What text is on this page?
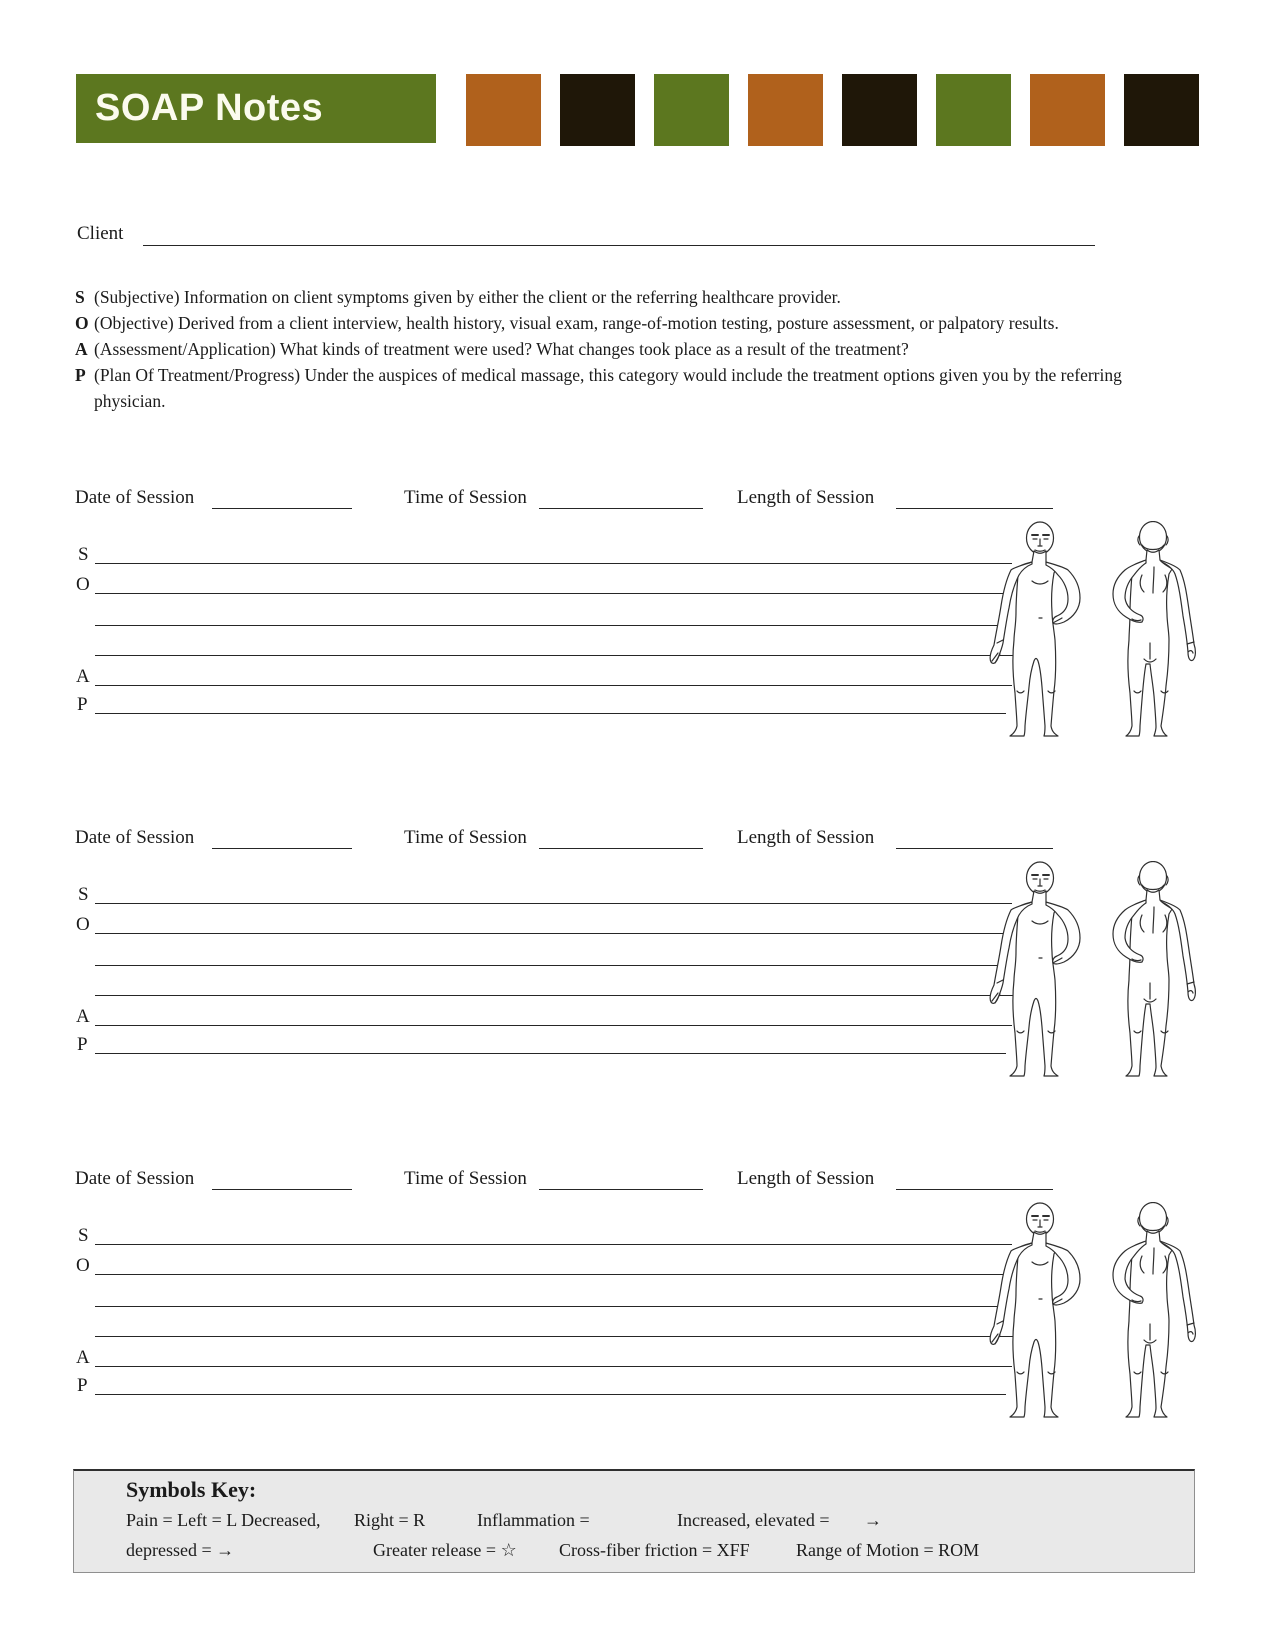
SOAP Notes
Client
S (Subjective) Information on client symptoms given by either the client or the referring healthcare provider.
O (Objective) Derived from a client interview, health history, visual exam, range-of-motion testing, posture assessment, or palpatory results.
A (Assessment/Application) What kinds of treatment were used? What changes took place as a result of the treatment?
P (Plan Of Treatment/Progress) Under the auspices of medical massage, this category would include the treatment options given you by the referring physician.
Date of Session	Time of Session	Length of Session
S
O
A
P
Date of Session	Time of Session	Length of Session
S
O
A
P
Date of Session	Time of Session	Length of Session
S
O
A
P
Symbols Key:
Pain = Left = L Decreased, Right = R	Inflammation =	Increased, elevated = →
depressed = →	Greater release = ☆ Cross-fiber friction = XFF	Range of Motion = ROM
